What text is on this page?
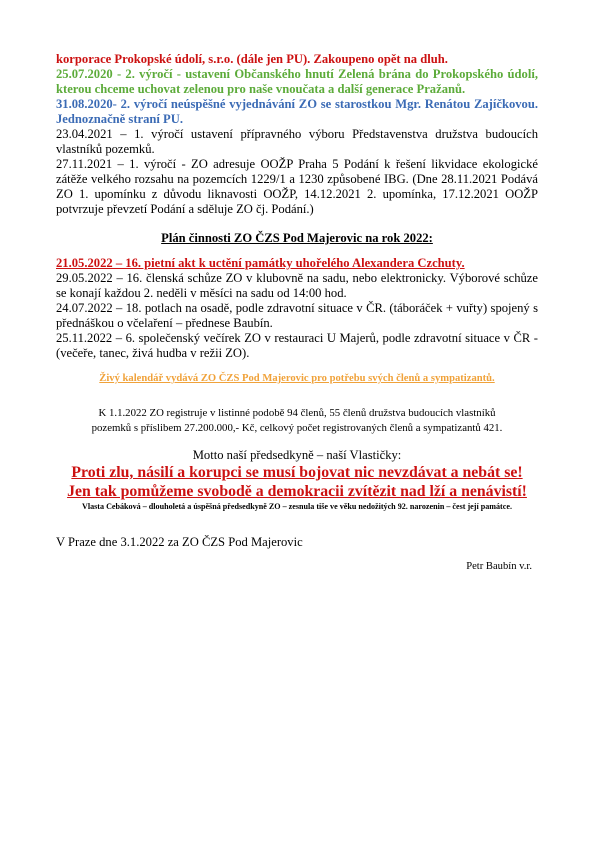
korporace Prokopské údolí, s.r.o. (dále jen PU). Zakoupeno opět na dluh.

25.07.2020 - 2. výročí - ustavení Občanského hnutí Zelená brána do Prokopského údolí, kterou chceme uchovat zelenou pro naše vnoučata a další generace Pražanů.

31.08.2020- 2. výročí neúspěšné vyjednávání ZO se starostkou Mgr. Renátou Zajíčkovou. Jednoznačně straní PU.

23.04.2021 – 1. výročí ustavení přípravného výboru Představenstva družstva budoucích vlastníků pozemků.

27.11.2021 – 1. výročí - ZO adresuje OOŽP Praha 5 Podání k řešení likvidace ekologické zátěže velkého rozsahu na pozemcích 1229/1 a 1230 způsobené IBG. (Dne 28.11.2021 Podává ZO 1. upomínku z důvodu liknavosti OOŽP, 14.12.2021 2. upomínka, 17.12.2021 OOŽP potvrzuje převzetí Podání a sděluje ZO čj. Podání.)

Plán činnosti ZO ČZS Pod Majerovic na rok 2022:

21.05.2022 – 16. pietní akt k uctění památky uhořelého Alexandera Czchuty.

29.05.2022 – 16. členská schůze ZO v klubovně na sadu, nebo elektronicky. Výborové schůze se konají každou 2. neděli v měsíci na sadu od 14:00 hod.

24.07.2022 – 18. potlach na osadě, podle zdravotní situace v ČR. (táboráček + vuřty) spojený s přednáškou o včelaření – přednese Baubín.

25.11.2022 – 6. společenský večírek ZO v restauraci U Majerů, podle zdravotní situace v ČR - (večeře, tanec, živá hudba v režii ZO).

Živý kalendář vydává ZO ČZS Pod Majerovic pro potřebu svých členů a sympatizantů.

K 1.1.2022 ZO registruje v listinné podobě 94 členů, 55 členů družstva budoucích vlastníků

pozemků s příslibem 27.200.000,- Kč, celkový počet registrovaných členů a sympatizantů 421.

Motto naší předsedkyně – naší Vlastičky:

Proti zlu, násilí a korupci se musí bojovat nic nevzdávat a nebát se!

Jen tak pomůžeme svobodě a demokracii zvítězit nad lží a nenávistí!

Vlasta Cebáková – dlouholetá a úspěšná předsedkyně ZO – zesnula tiše ve věku nedožitých 92. narozenin – čest její památce.

V Praze dne 3.1.2022 za ZO ČZS Pod Majerovic

Petr Baubín v.r.
